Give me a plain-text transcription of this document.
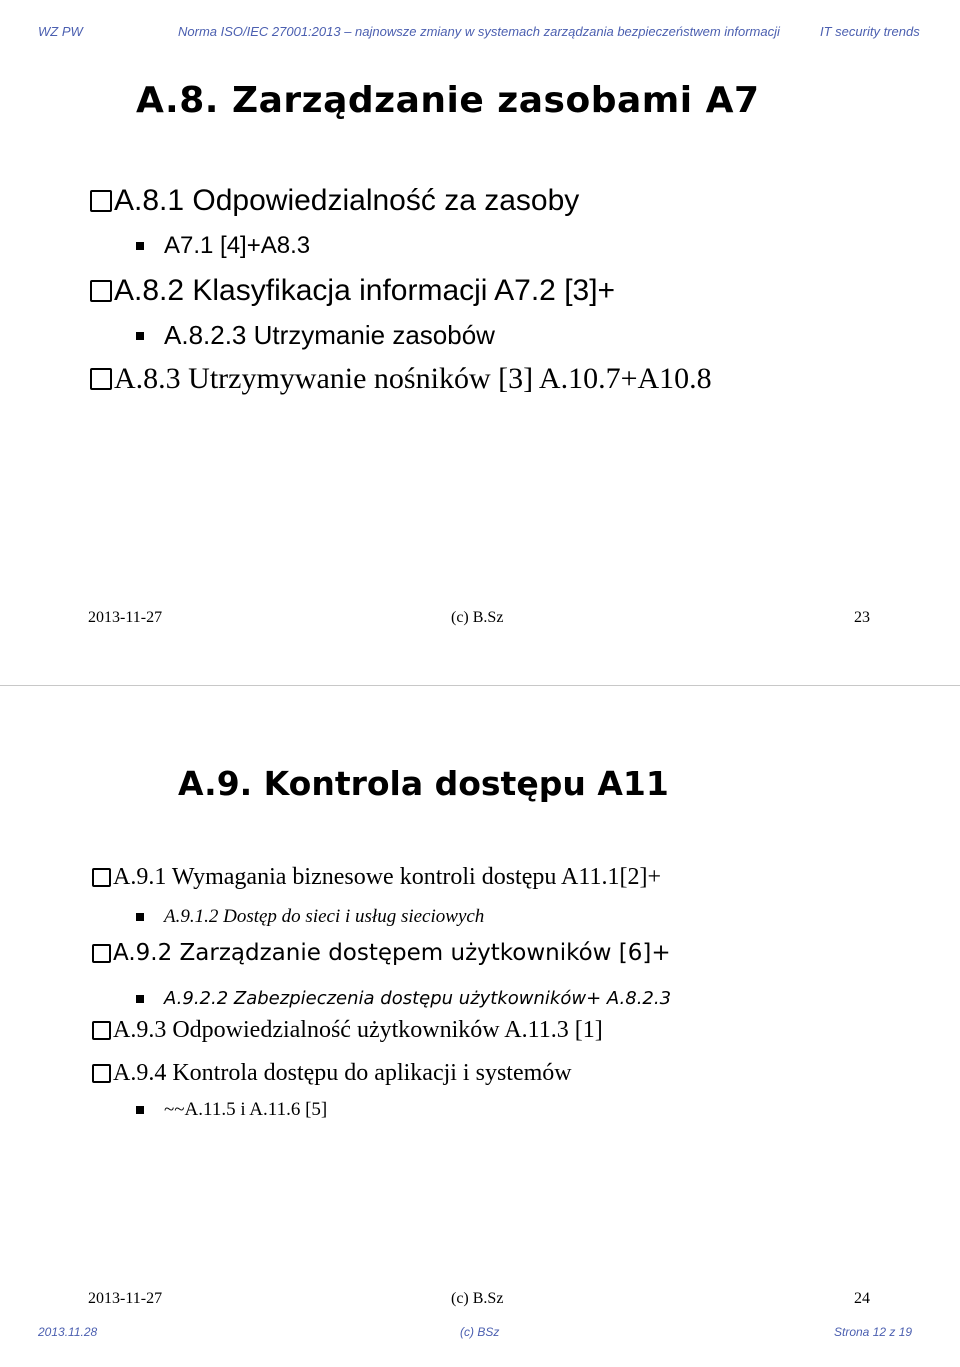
WZ PW	Norma ISO/IEC 27001:2013 – najnowsze zmiany w systemach zarządzania bezpieczeństwem informacji	IT security trends
A.8. Zarządzanie zasobami A7
A.8.1 Odpowiedzialność za zasoby
A7.1 [4]+A8.3
A.8.2 Klasyfikacja informacji A7.2 [3]+
A.8.2.3 Utrzymanie zasobów
A.8.3 Utrzymywanie nośników [3] A.10.7+A10.8
2013-11-27	(c) B.Sz	23
A.9. Kontrola dostępu A11
A.9.1 Wymagania biznesowe kontroli dostępu A11.1[2]+
A.9.1.2 Dostęp do sieci i usług sieciowych
A.9.2 Zarządzanie dostępem użytkowników [6]+
A.9.2.2 Zabezpieczenia dostępu użytkowników+ A.8.2.3
A.9.3 Odpowiedzialność użytkowników A.11.3 [1]
A.9.4 Kontrola dostępu do aplikacji i systemów
~~A.11.5 i A.11.6 [5]
2013-11-27	(c) B.Sz	24
2013.11.28	(c) BSz	Strona 12 z 19
